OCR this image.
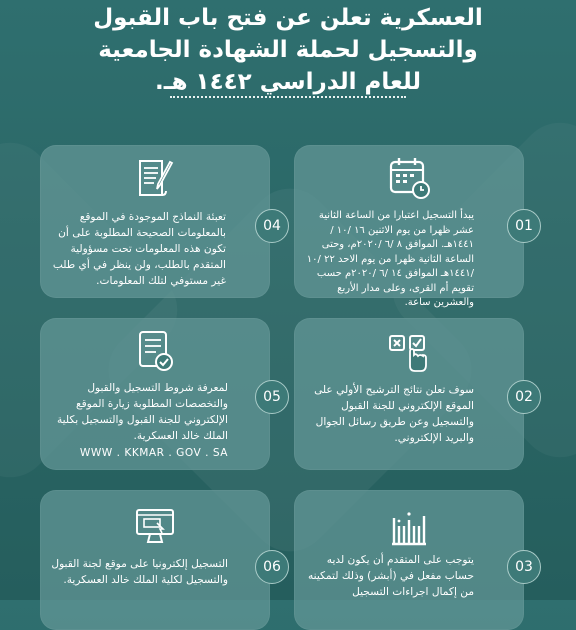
العسكرية تعلن عن فتح باب القبول
والتسجيل لحملة الشهادة الجامعية
للعام الدراسي ١٤٤٢ هـ.
يبدأ التسجيل اعتبارا من الساعة الثانية عشر ظهرا من يوم الاثنين ١٦ /١٠ /١٤٤١هـ. الموافق ٨ /٦ /٢٠٢٠م، وحتى الساعة الثانية ظهرا من يوم الاحد ٢٢ /١٠ /١٤٤١هـ الموافق ١٤ /٦ /٢٠٢٠م حسب تقويم أم القرى، وعلى مدار الأربع والعشرين ساعة.
01
تعبئة النماذج الموجودة في الموقع بالمعلومات الصحيحة المطلوبة على أن تكون هذه المعلومات تحت مسؤولية المتقدم بالطلب، ولن ينظر في أي طلب غير مستوفي لتلك المعلومات.
04
سوف تعلن نتائج الترشيح الأولي على الموقع الإلكتروني للجنة القبول والتسجيل وعن طريق رسائل الجوال والبريد الإلكتروني.
02
لمعرفة شروط التسجيل والقبول والتخصصات المطلوبة زيارة الموقع الإلكتروني للجنة القبول والتسجيل بكلية الملك خالد العسكرية.
WWW . KKMAR . GOV . SA
05
يتوجب على المتقدم أن يكون لديه حساب مفعل في (أبشر) وذلك لتمكينه من إكمال اجراءات التسجيل
03
التسجيل إلكترونيا على موقع لجنة القبول والتسجيل لكلية الملك خالد العسكرية.
06
